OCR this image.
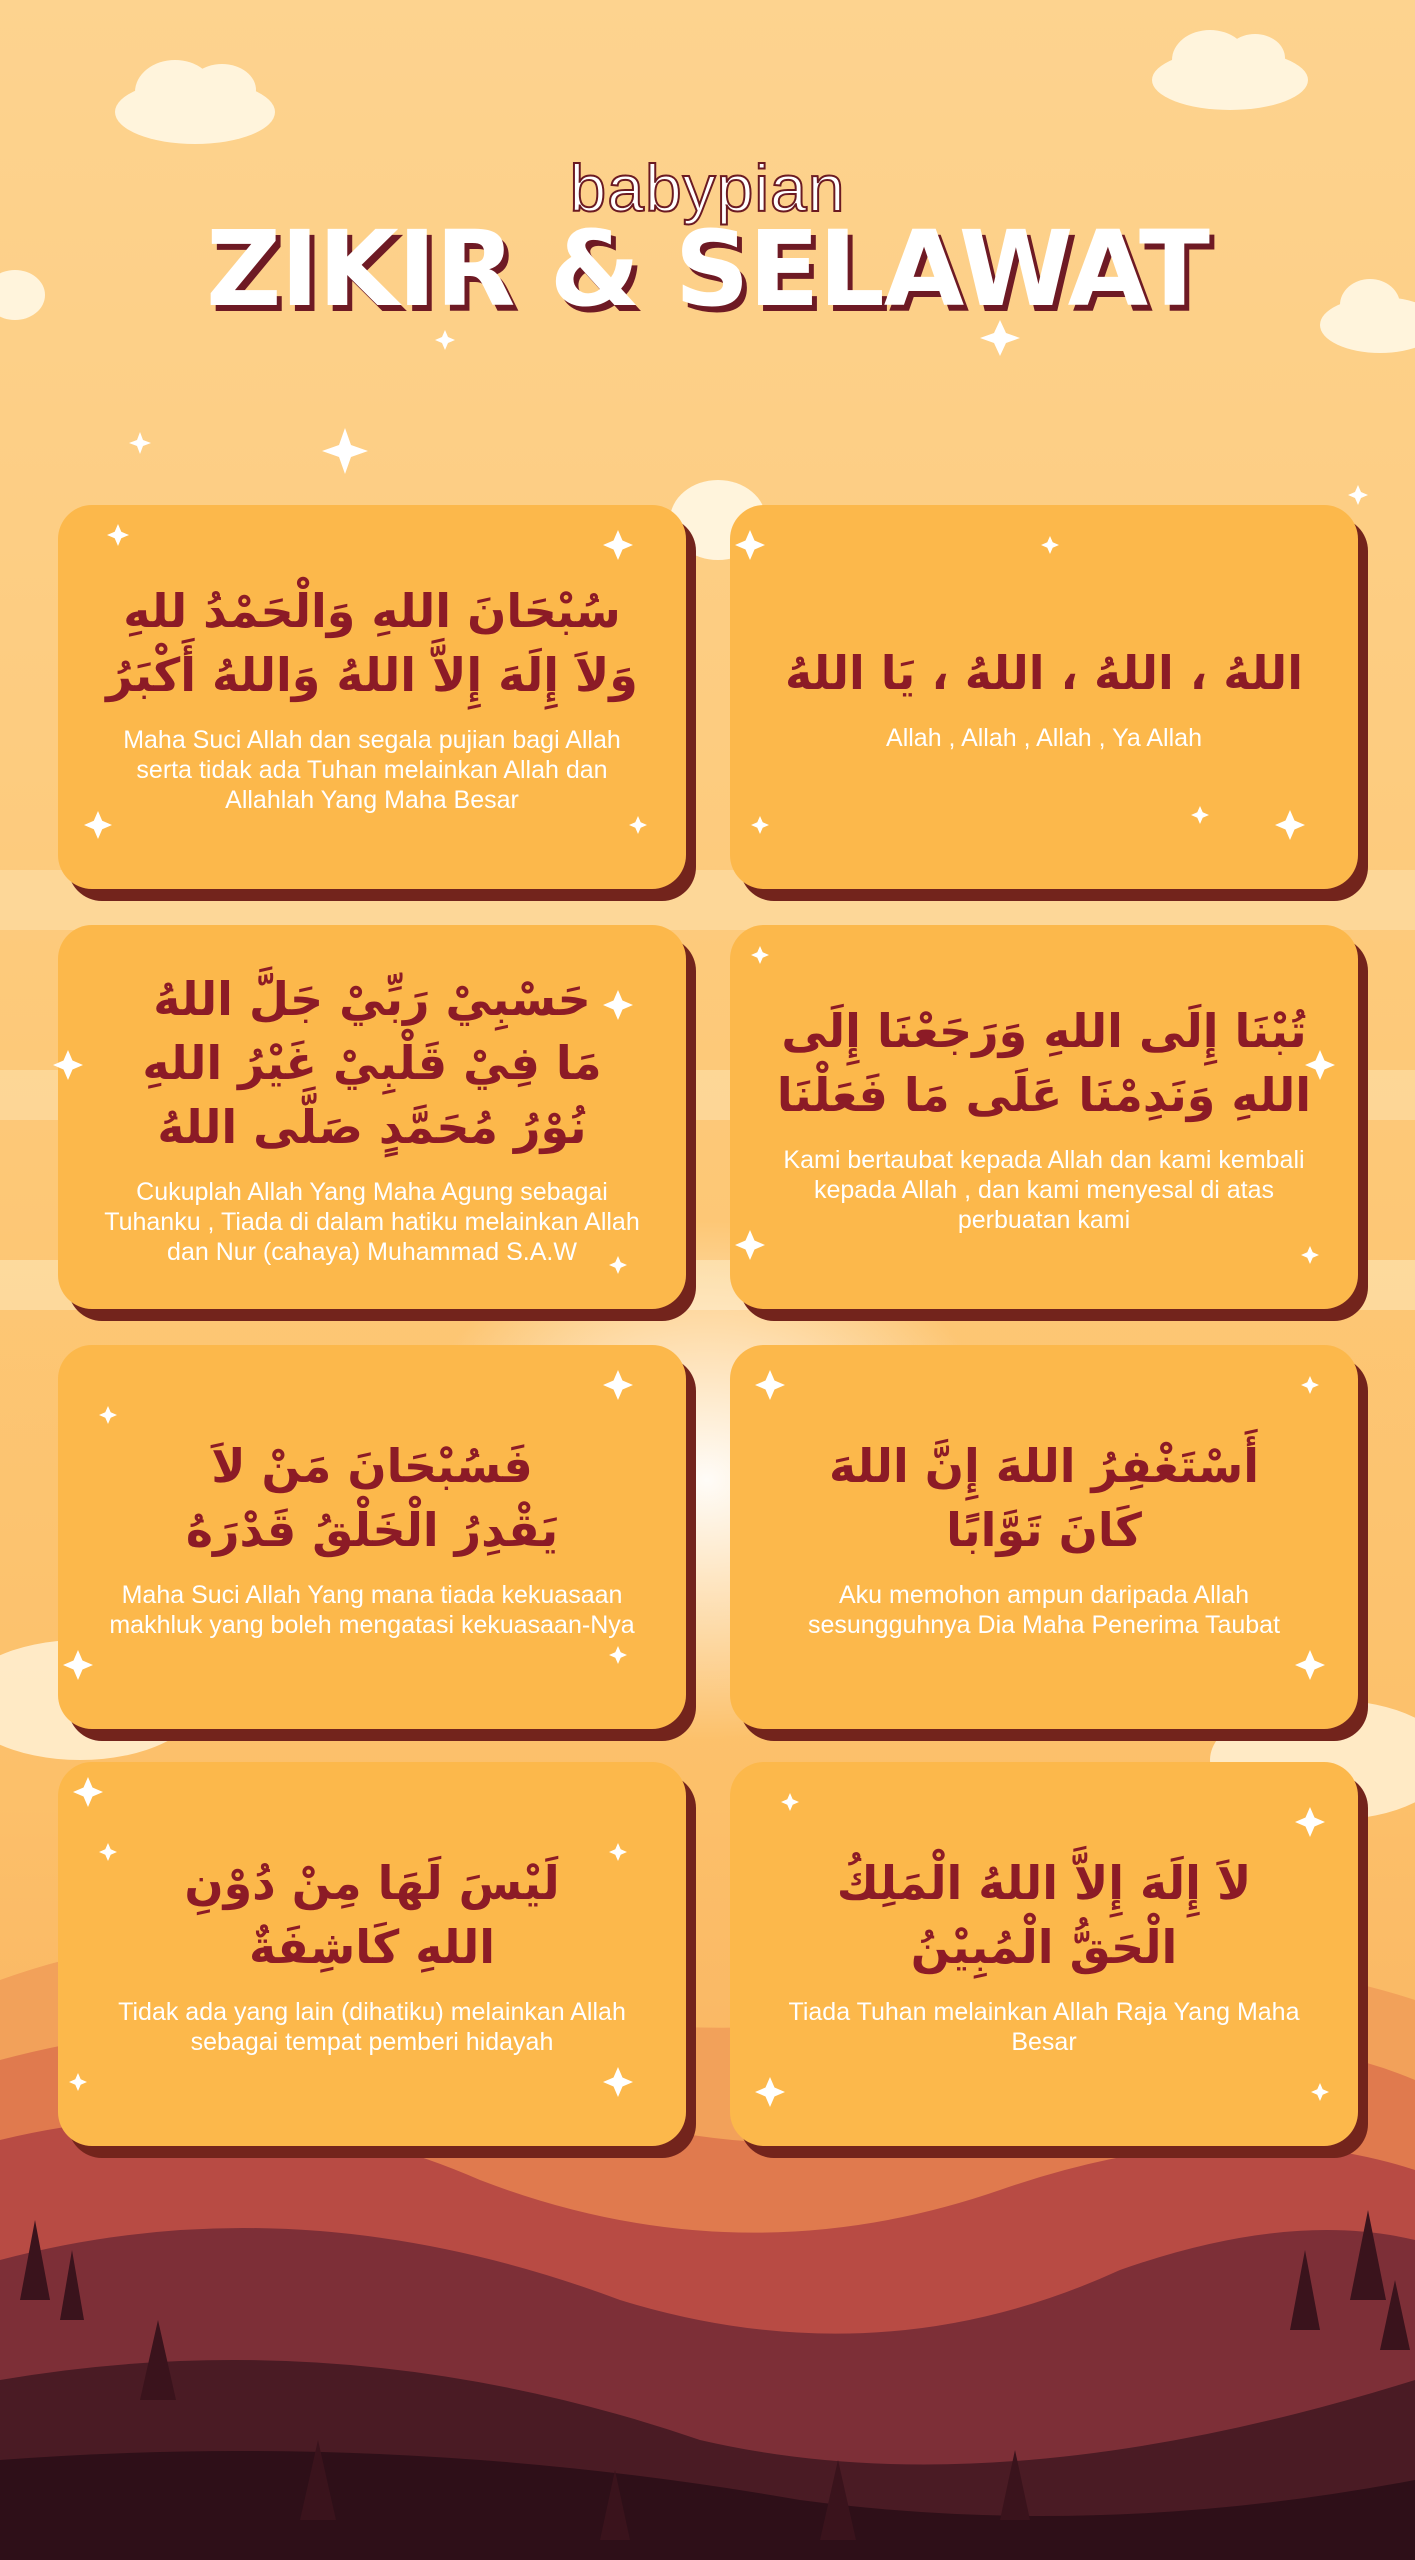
babypian
ZIKIR & SELAWAT
سُبْحَانَ اللهِ وَالْحَمْدُ للهِ
وَلاَ إِلَهَ إِلاَّ اللهُ وَاللهُ أَكْبَرُ
Maha Suci Allah dan segala pujian bagi Allah serta tidak ada Tuhan melainkan Allah dan Allahlah Yang Maha Besar
اللهُ ، اللهُ ، اللهُ ، يَا اللهُ
Allah , Allah , Allah , Ya Allah
حَسْبِيْ رَبِّيْ جَلَّ اللهُ
مَا فِيْ قَلْبِيْ غَيْرُ اللهِ
نُوْرُ مُحَمَّدٍ صَلَّى اللهُ
Cukuplah Allah Yang Maha Agung sebagai Tuhanku , Tiada di dalam hatiku melainkan Allah dan Nur (cahaya) Muhammad S.A.W
تُبْنَا إِلَى اللهِ وَرَجَعْنَا إِلَى
اللهِ وَنَدِمْنَا عَلَى مَا فَعَلْنَا
Kami bertaubat kepada Allah dan kami kembali kepada Allah , dan kami menyesal di atas perbuatan kami
فَسُبْحَانَ مَنْ لاَ
يَقْدِرُ الْخَلْقُ قَدْرَهُ
Maha Suci Allah Yang mana tiada kekuasaan makhluk yang boleh mengatasi kekuasaan-Nya
أَسْتَغْفِرُ اللهَ إِنَّ اللهَ
كَانَ تَوَّابًا
Aku memohon ampun daripada Allah sesungguhnya Dia Maha Penerima Taubat
لَيْسَ لَهَا مِنْ دُوْنِ
اللهِ كَاشِفَةٌ
Tidak ada yang lain (dihatiku) melainkan Allah sebagai tempat pemberi hidayah
لاَ إِلَهَ إِلاَّ اللهُ الْمَلِكُ
الْحَقُّ الْمُبِيْنُ
Tiada Tuhan melainkan Allah Raja Yang Maha Besar
